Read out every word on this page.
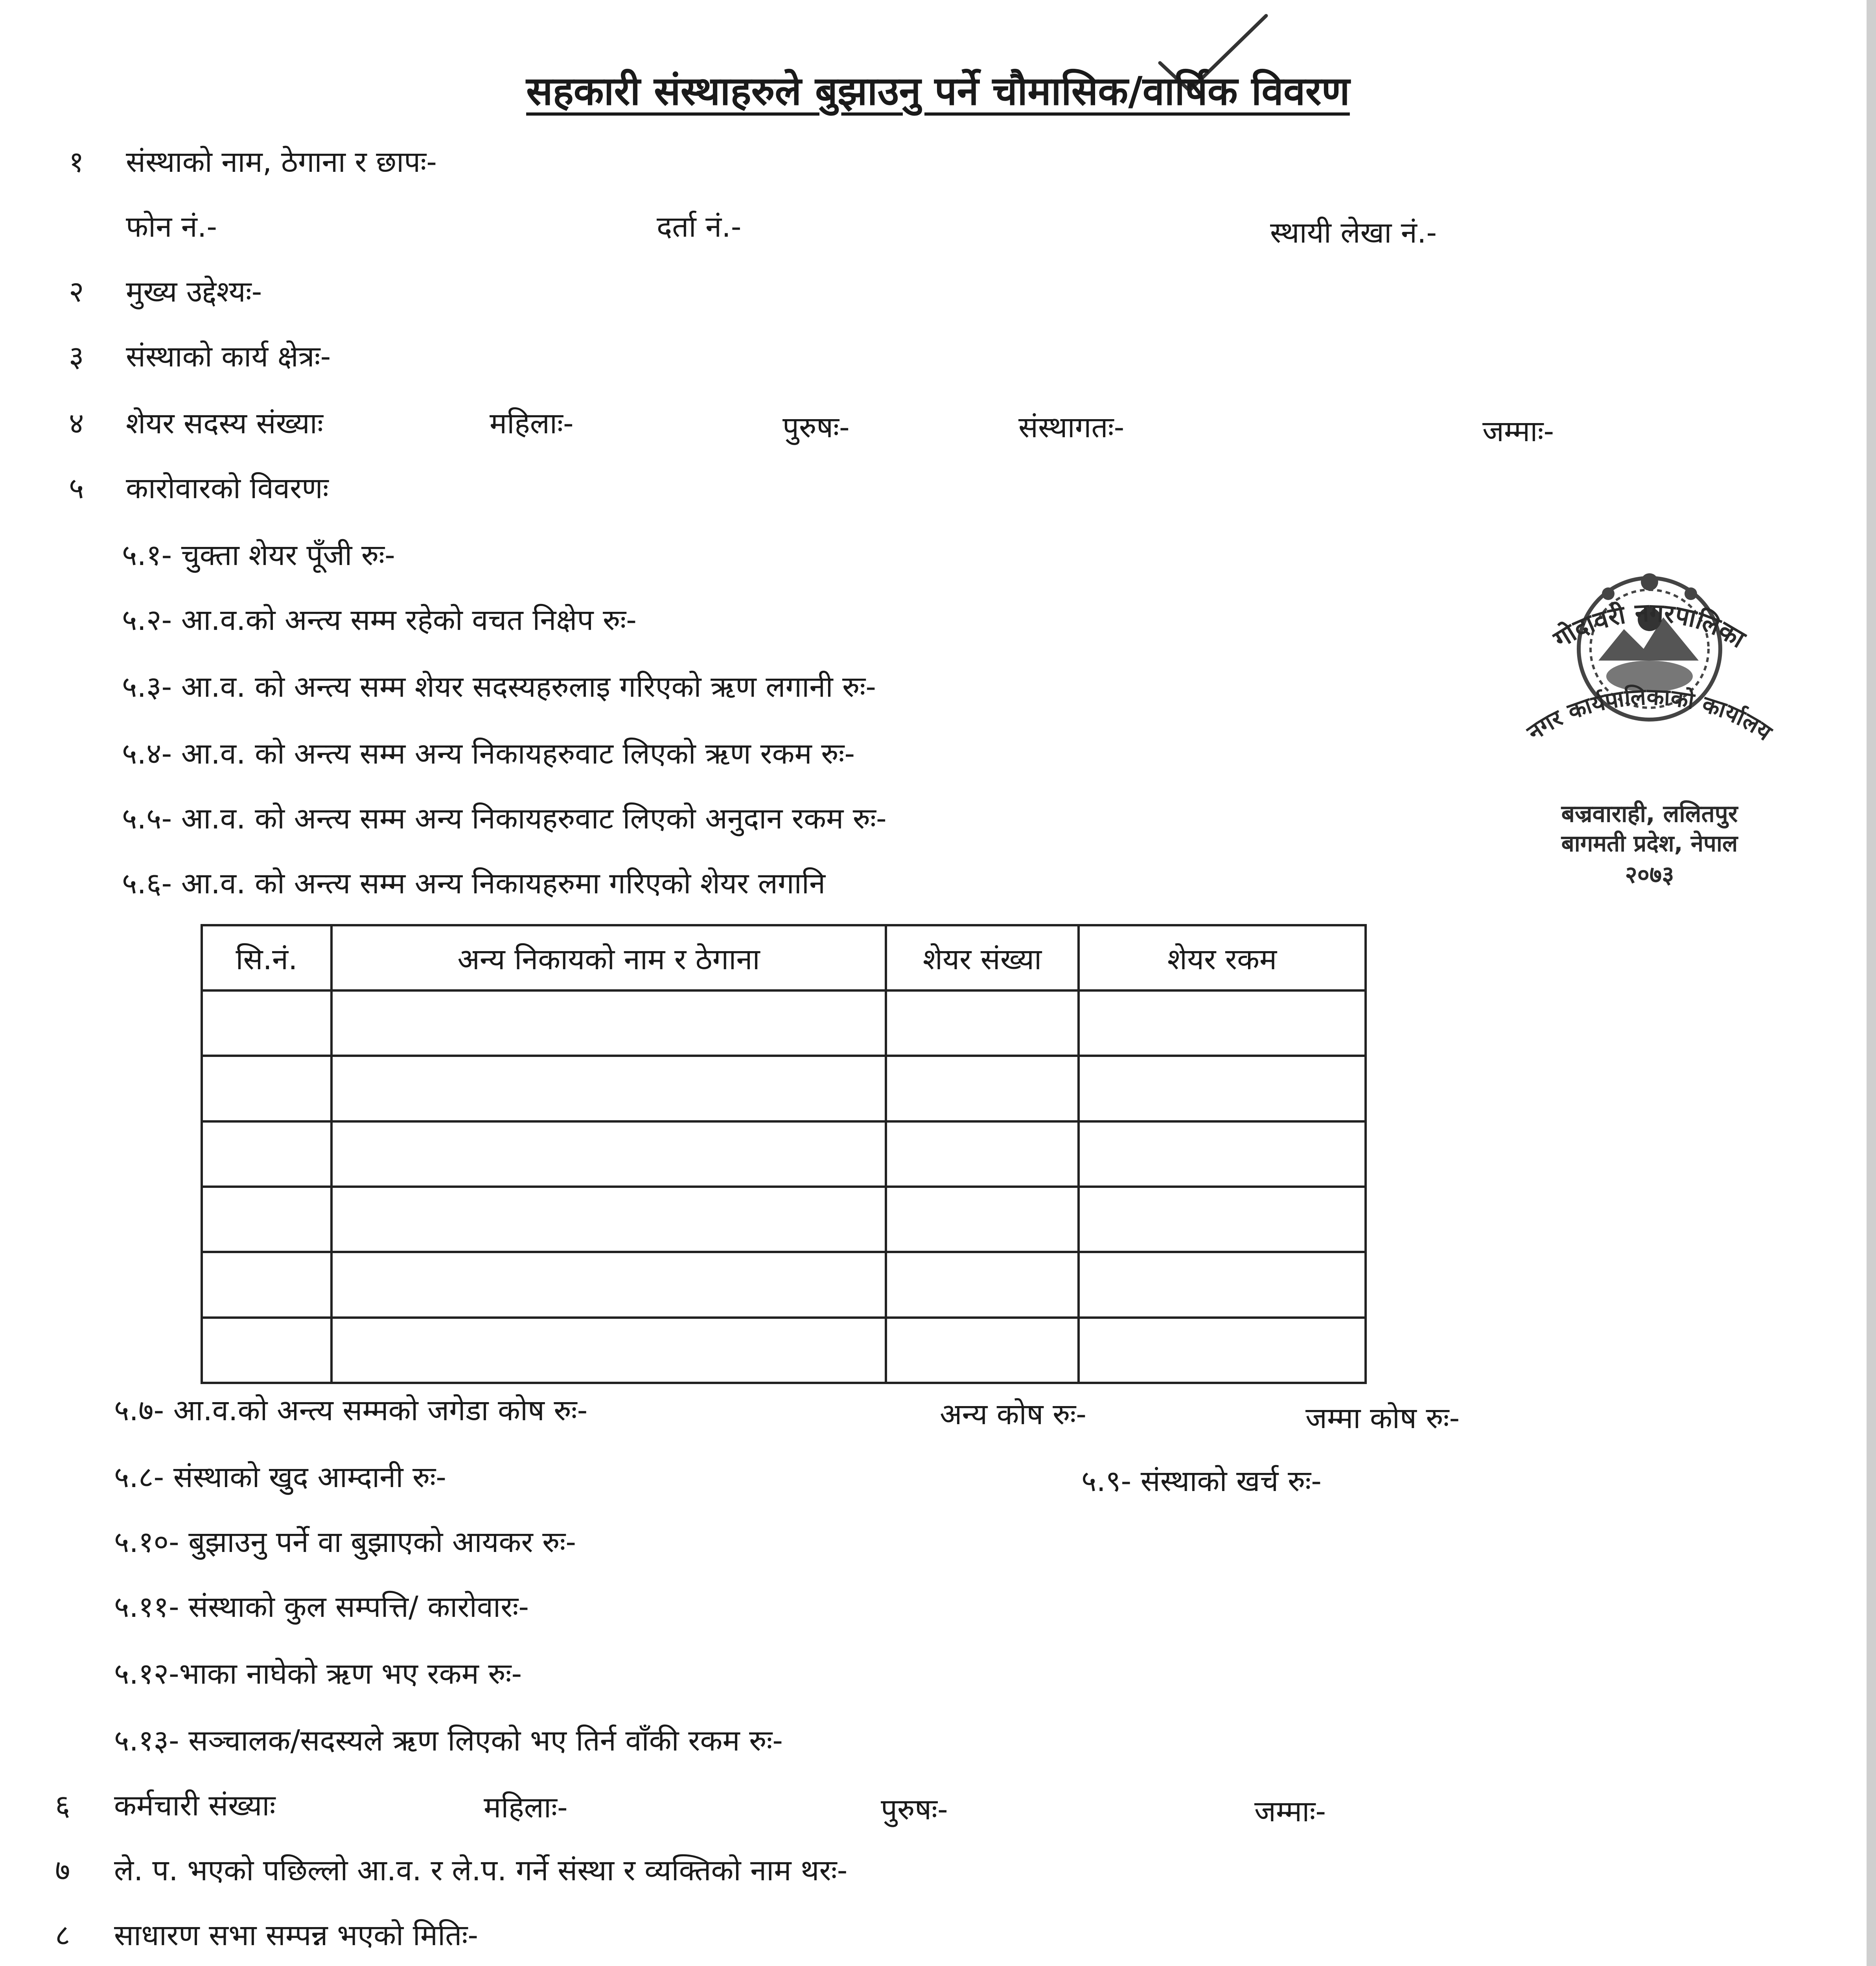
सहकारी संस्थाहरुले बुझाउनु पर्ने चौमासिक/वार्षिक विवरण
१ संस्थाको नाम, ठेगाना र छापः-
फोन नं.-	दर्ता नं.-	स्थायी लेखा नं.-
२ मुख्य उद्देश्यः-
३ संस्थाको कार्य क्षेत्रः-
४ शेयर सदस्य संख्याः	महिलाः-	पुरुषः-	संस्थागतः-	जम्माः-
५ कारोवारको विवरणः
५.१- चुक्ता शेयर पूँजी रुः-
५.२- आ.व.को अन्त्य सम्म रहेको वचत निक्षेप रुः-
५.३- आ.व. को अन्त्य सम्म शेयर सदस्यहरुलाइ गरिएको ऋण लगानी रुः-
५.४- आ.व. को अन्त्य सम्म अन्य निकायहरुवाट लिएको ऋण रकम रुः-
५.५- आ.व. को अन्त्य सम्म अन्य निकायहरुवाट लिएको अनुदान रकम रुः-
५.६- आ.व. को अन्त्य सम्म अन्य निकायहरुमा गरिएको शेयर लगानि
गोदावरी नगरपालिका
नगर कार्यपालिकाको कार्यालय
बज्रवाराही, ललितपुर
बागमती प्रदेश, नेपाल
२०७३
सि.नं.	अन्य निकायको नाम र ठेगाना	शेयर संख्या	शेयर रकम

५.७- आ.व.को अन्त्य सम्मको जगेडा कोष रुः-	अन्य कोष रुः-	जम्मा कोष रुः-
५.८- संस्थाको खुद आम्दानी रुः-	५.९- संस्थाको खर्च रुः-
५.१०- बुझाउनु पर्ने वा बुझाएको आयकर रुः-
५.११- संस्थाको कुल सम्पत्ति/ कारोवारः-
५.१२-भाका नाघेको ऋण भए रकम रुः-
५.१३- सञ्चालक/सदस्यले ऋण लिएको भए तिर्न वाँकी रकम रुः-
६ कर्मचारी संख्याः	महिलाः-	पुरुषः-	जम्माः-
७ ले. प. भएको पछिल्लो आ.व. र ले.प. गर्ने संस्था र व्यक्तिको नाम थरः-
८ साधारण सभा सम्पन्न भएको मितिः-
